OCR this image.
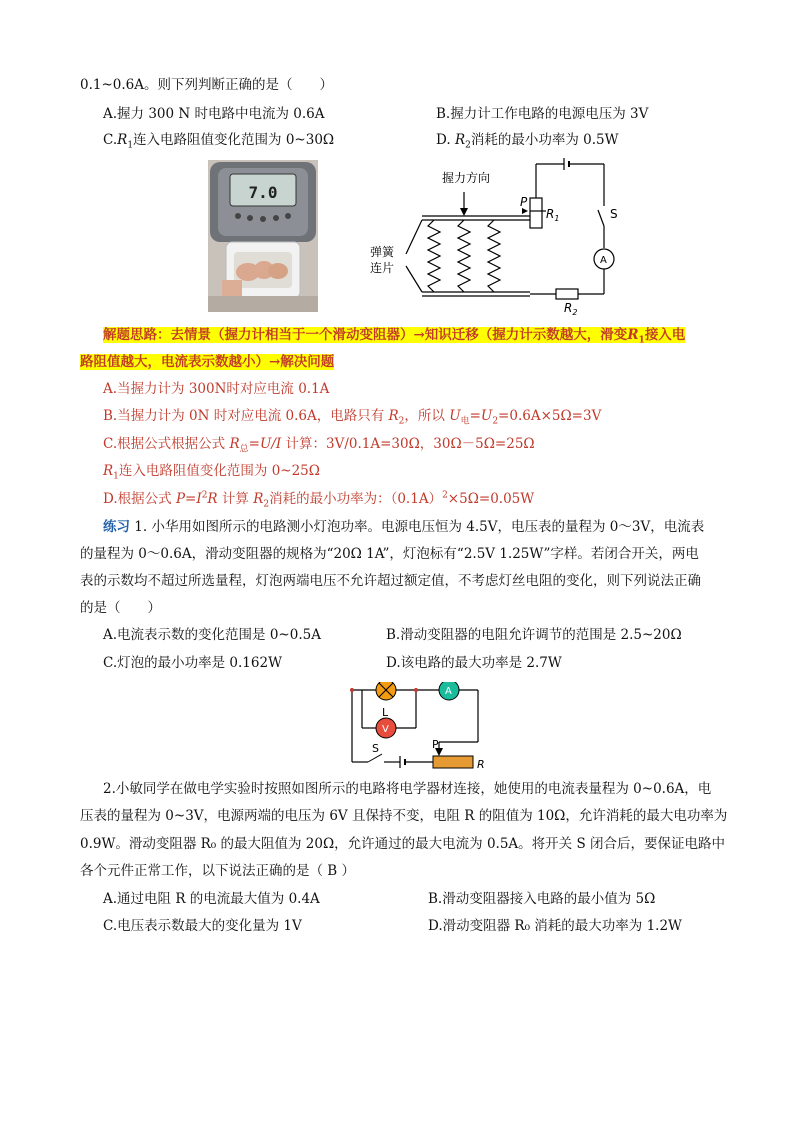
0.1~0.6A。则下列判断正确的是（　　）
A.握力 300 N 时电路中电流为 0.6A	B.握力计工作电路的电源电压为 3V
$C.R_1$连入电路阻值变化范围为 0~30Ω	D. $R_2$消耗的最小功率为 0.5W
7.0
握力方向
P
$R_1$	S
A
弹簧
连片
$R_2$
解题思路：去情景（握力计相当于一个滑动变阻器）→知识迁移（握力计示数越大，滑变$R_1$接入电
路阻值越大，电流表示数越小）→解决问题
A.当握力计为 300N时对应电流 0.1A
B.当握力计为 0N 时对应电流 0.6A，电路只有 $R_2$，所以 $U_电=U_2=0.6A\times 5\Omega=3V$
C.根据公式根据公式 $R_总=U/I$ 计算：3V/0.1A=30Ω，30Ω－5Ω=25Ω
$R_1$连入电路阻值变化范围为 0~25Ω
D.根据公式 $P=I^2R$ 计算 $R_2$消耗的最小功率为：$(0.1A)^2\times 5\Omega=0.05W$
练习 1. 小华用如图所示的电路测小灯泡功率。电源电压恒为 4.5V，电压表的量程为 0～3V，电流表
的量程为 0～0.6A，滑动变阻器的规格为“20Ω 1A”，灯泡标有“2.5V 1.25W”字样。若闭合开关，两电
表的示数均不超过所选量程，灯泡两端电压不允许超过额定值，不考虑灯丝电阻的变化，则下列说法正确
的是（　　）
A.电流表示数的变化范围是 0~0.5A	B.滑动变阻器的电阻允许调节的范围是 2.5~20Ω
C.灯泡的最小功率是 0.162W	D.该电路的最大功率是 2.7W
L
V
A
S	P
R
2.小敏同学在做电学实验时按照如图所示的电路将电学器材连接，她使用的电流表量程为 0~0.6A，电
压表的量程为 0~3V，电源两端的电压为 6V 且保持不变，电阻 R 的阻值为 10Ω，允许消耗的最大电功率为
0.9W。滑动变阻器 R₀ 的最大阻值为 20Ω，允许通过的最大电流为 0.5A。将开关 S 闭合后，要保证电路中
各个元件正常工作，以下说法正确的是（ B ）
A.通过电阻 R 的电流最大值为 0.4A	B.滑动变阻器接入电路的最小值为 5Ω
C.电压表示数最大的变化量为 1V	D.滑动变阻器 R₀ 消耗的最大功率为 1.2W
